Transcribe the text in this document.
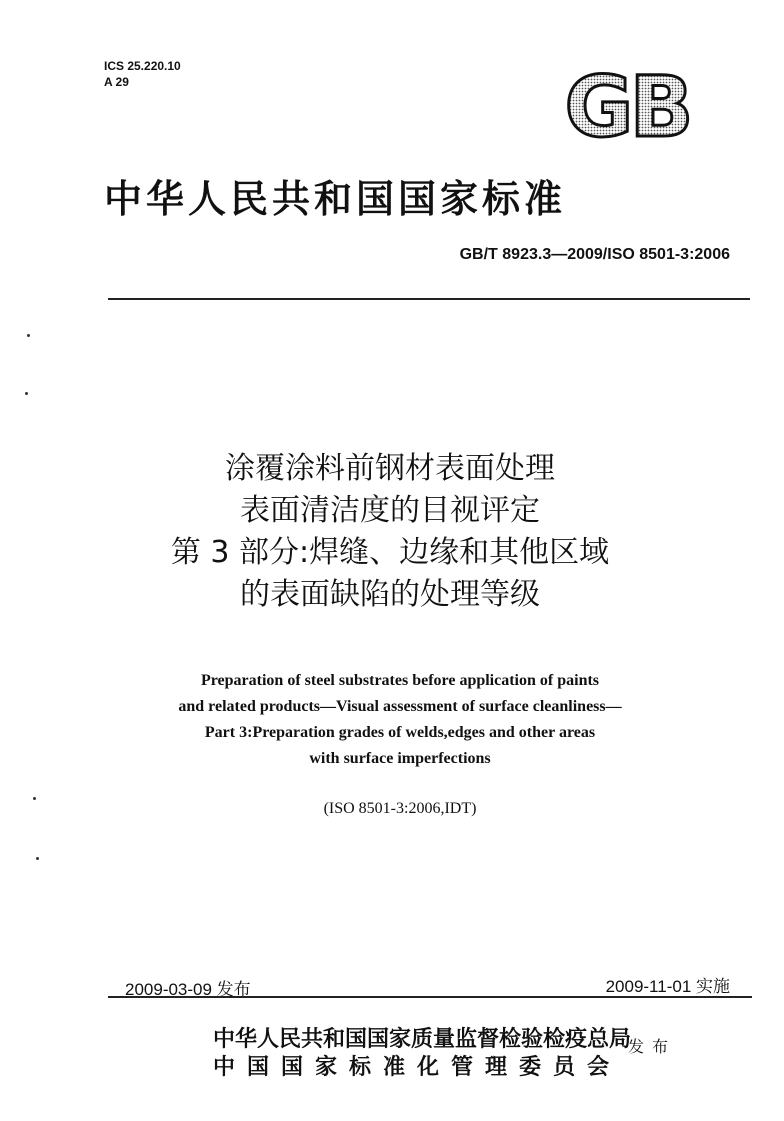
ICS 25.220.10
A 29	GB
中华人民共和国国家标准
GB/T 8923.3—2009/ISO 8501-3:2006
涂覆涂料前钢材表面处理
表面清洁度的目视评定
第 3 部分:焊缝、边缘和其他区域
的表面缺陷的处理等级
Preparation of steel substrates before application of paints
and related products—Visual assessment of surface cleanliness—
Part 3:Preparation grades of welds,edges and other areas
with surface imperfections
(ISO 8501-3:2006,IDT)
2009-03-09 发布	2009-11-01 实施
中华人民共和国国家质量监督检验检疫总局
中国国家标准化管理委员会
发布
